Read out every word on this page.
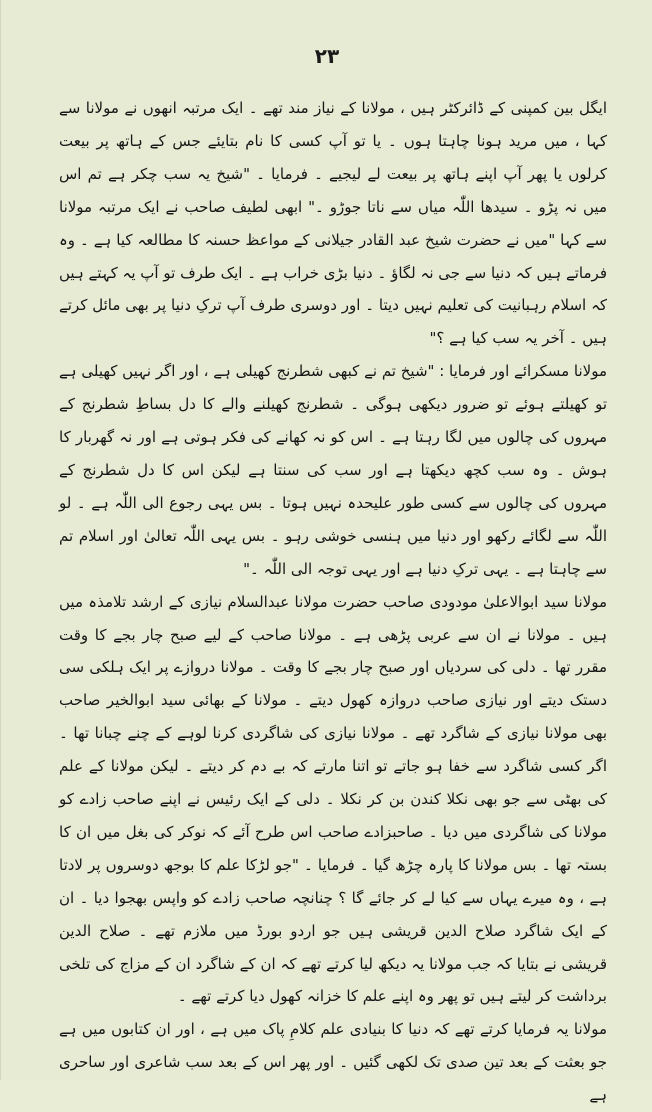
٢٣

ایگل بین کمپنی کے ڈائرکٹر ہیں ، مولانا کے نیاز مند تھے ۔ ایک مرتبہ انھوں نے مولانا سے کہا ، میں مرید ہونا چاہتا ہوں ۔ یا تو آپ کسی کا نام بتایئے جس کے ہاتھ پر بیعت کرلوں یا پھر آپ اپنے ہاتھ پر بیعت لے لیجیے ۔ فرمایا ۔ "شیخ یہ سب چکر ہے تم اس میں نہ پڑو ۔ سیدھا اللّٰہ میاں سے ناتا جوڑو ۔" ابھی لطیف صاحب نے ایک مرتبہ مولانا سے کہا "میں نے حضرت شیخ عبد القادر جیلانی کے مواعظ حسنہ کا مطالعہ کیا ہے ۔ وہ فرماتے ہیں کہ دنیا سے جی نہ لگاؤ ۔ دنیا بڑی خراب ہے ۔ ایک طرف تو آپ یہ کہتے ہیں کہ اسلام رہبانیت کی تعلیم نہیں دیتا ۔ اور دوسری طرف آپ ترکِ دنیا پر بھی مائل کرتے ہیں ۔ آخر یہ سب کیا ہے ؟"

مولانا مسکرائے اور فرمایا : "شیخ تم نے کبھی شطرنج کھیلی ہے ، اور اگر نہیں کھیلی ہے تو کھیلتے ہوئے تو ضرور دیکھی ہوگی ۔ شطرنج کھیلنے والے کا دل بساطِ شطرنج کے مہروں کی چالوں میں لگا رہتا ہے ۔ اس کو نہ کھانے کی فکر ہوتی ہے اور نہ گھربار کا ہوش ۔ وہ سب کچھ دیکھتا ہے اور سب کی سنتا ہے لیکن اس کا دل شطرنج کے مہروں کی چالوں سے کسی طور علیحدہ نہیں ہوتا ۔ بس یہی رجوع الی اللّٰہ ہے ۔ لو اللّٰہ سے لگائے رکھو اور دنیا میں ہنسی خوشی رہو ۔ بس یہی اللّٰہ تعالیٰ اور اسلام تم سے چاہتا ہے ۔ یہی ترکِ دنیا ہے اور یہی توجہ الی اللّٰہ ۔"

مولانا سید ابوالاعلیٰ مودودی صاحب حضرت مولانا عبدالسلام نیازی کے ارشد تلامذہ میں ہیں ۔ مولانا نے ان سے عربی پڑھی ہے ۔ مولانا صاحب کے لیے صبح چار بجے کا وقت مقرر تھا ۔ دلی کی سردیاں اور صبح چار بجے کا وقت ۔ مولانا دروازے پر ایک ہلکی سی دستک دیتے اور نیازی صاحب دروازہ کھول دیتے ۔ مولانا کے بھائی سید ابوالخیر صاحب بھی مولانا نیازی کے شاگرد تھے ۔ مولانا نیازی کی شاگردی کرنا لوہے کے چنے چبانا تھا ۔ اگر کسی شاگرد سے خفا ہو جاتے تو اتنا مارتے کہ بے دم کر دیتے ۔ لیکن مولانا کے علم کی بھٹی سے جو بھی نکلا کندن بن کر نکلا ۔ دلی کے ایک رئیس نے اپنے صاحب زادے کو مولانا کی شاگردی میں دیا ۔ صاحبزادے صاحب اس طرح آئے کہ نوکر کی بغل میں ان کا بستہ تھا ۔ بس مولانا کا پارہ چڑھ گیا ۔ فرمایا ۔ "جو لڑکا علم کا بوجھ دوسروں پر لادتا ہے ، وہ میرے یہاں سے کیا لے کر جائے گا ؟ چنانچہ صاحب زادے کو واپس بھجوا دیا ۔ ان کے ایک شاگرد صلاح الدین قریشی ہیں جو اردو بورڈ میں ملازم تھے ۔ صلاح الدین قریشی نے بتایا کہ جب مولانا یہ دیکھ لیا کرتے تھے کہ ان کے شاگرد ان کے مزاج کی تلخی برداشت کر لیتے ہیں تو پھر وہ اپنے علم کا خزانہ کھول دیا کرتے تھے ۔

مولانا یہ فرمایا کرتے تھے کہ دنیا کا بنیادی علم کلامِ پاک میں ہے ، اور ان کتابوں میں ہے جو بعثت کے بعد تین صدی تک لکھی گئیں ۔ اور پھر اس کے بعد سب شاعری اور ساحری ہے
